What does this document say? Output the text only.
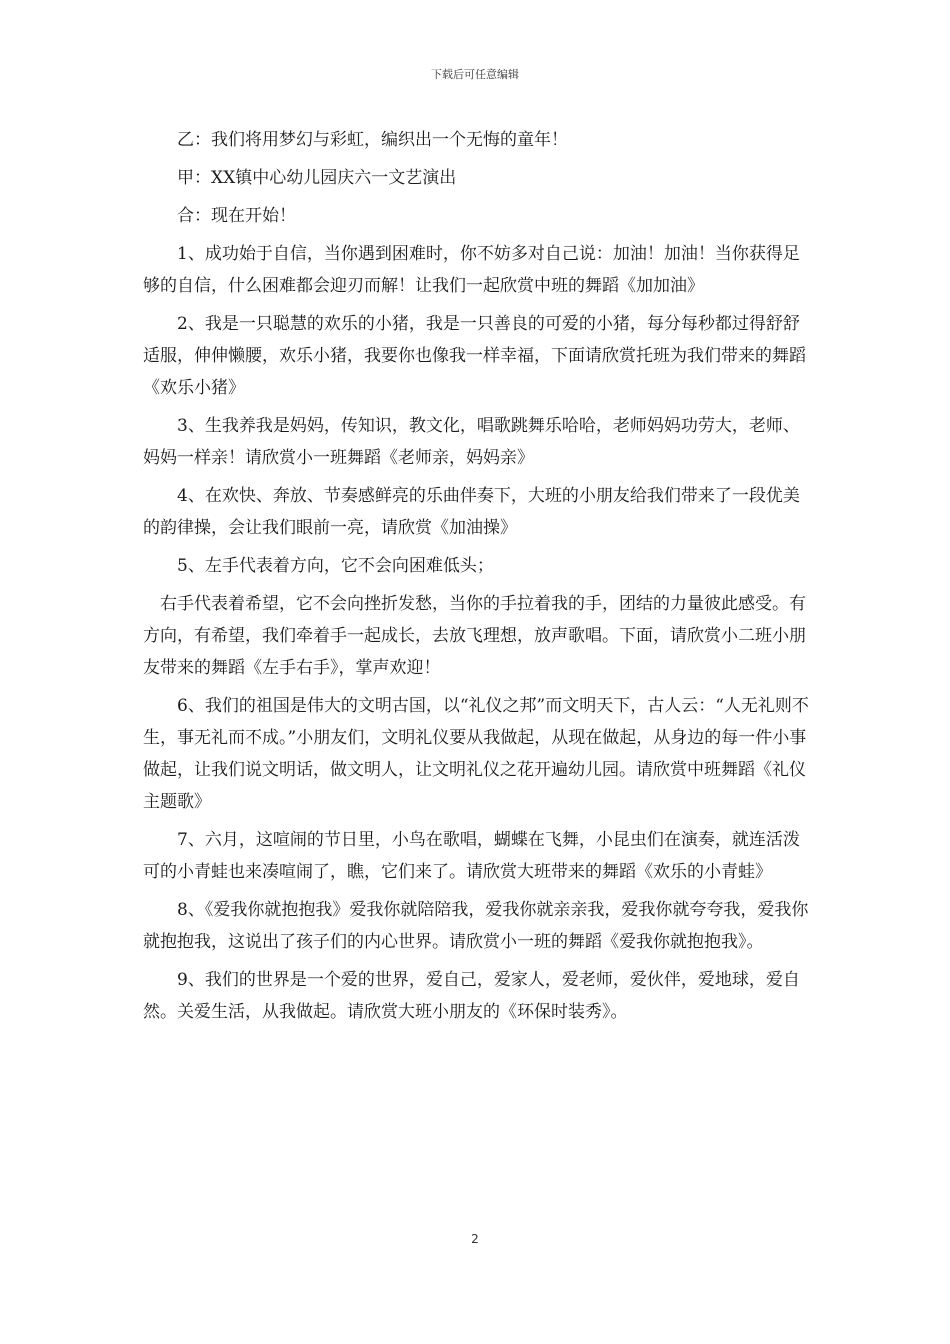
下载后可任意编辑

乙：我们将用梦幻与彩虹，编织出一个无悔的童年！

甲：XX镇中心幼儿园庆六一文艺演出

合：现在开始！

1、成功始于自信，当你遇到困难时，你不妨多对自己说：加油！加油！当你获得足够的自信，什么困难都会迎刃而解！让我们一起欣赏中班的舞蹈《加加油》

2、我是一只聪慧的欢乐的小猪，我是一只善良的可爱的小猪，每分每秒都过得舒舒适服，伸伸懒腰，欢乐小猪，我要你也像我一样幸福，下面请欣赏托班为我们带来的舞蹈《欢乐小猪》

3、生我养我是妈妈，传知识，教文化，唱歌跳舞乐哈哈，老师妈妈功劳大，老师、妈妈一样亲！请欣赏小一班舞蹈《老师亲，妈妈亲》

4、在欢快、奔放、节奏感鲜亮的乐曲伴奏下，大班的小朋友给我们带来了一段优美的韵律操，会让我们眼前一亮，请欣赏《加油操》

5、左手代表着方向，它不会向困难低头；

右手代表着希望，它不会向挫折发愁，当你的手拉着我的手，团结的力量彼此感受。有方向，有希望，我们牵着手一起成长，去放飞理想，放声歌唱。下面，请欣赏小二班小朋友带来的舞蹈《左手右手》，掌声欢迎！

6、我们的祖国是伟大的文明古国，以“礼仪之邦”而文明天下，古人云：“人无礼则不生，事无礼而不成。”小朋友们，文明礼仪要从我做起，从现在做起，从身边的每一件小事做起，让我们说文明话，做文明人，让文明礼仪之花开遍幼儿园。请欣赏中班舞蹈《礼仪主题歌》

7、六月，这喧闹的节日里，小鸟在歌唱，蝴蝶在飞舞，小昆虫们在演奏，就连活泼可的小青蛙也来凑喧闹了，瞧，它们来了。请欣赏大班带来的舞蹈《欢乐的小青蛙》

8、《爱我你就抱抱我》爱我你就陪陪我，爱我你就亲亲我，爱我你就夸夸我，爱我你就抱抱我，这说出了孩子们的内心世界。请欣赏小一班的舞蹈《爱我你就抱抱我》。

9、我们的世界是一个爱的世界，爱自己，爱家人，爱老师，爱伙伴，爱地球，爱自然。关爱生活，从我做起。请欣赏大班小朋友的《环保时装秀》。

2
